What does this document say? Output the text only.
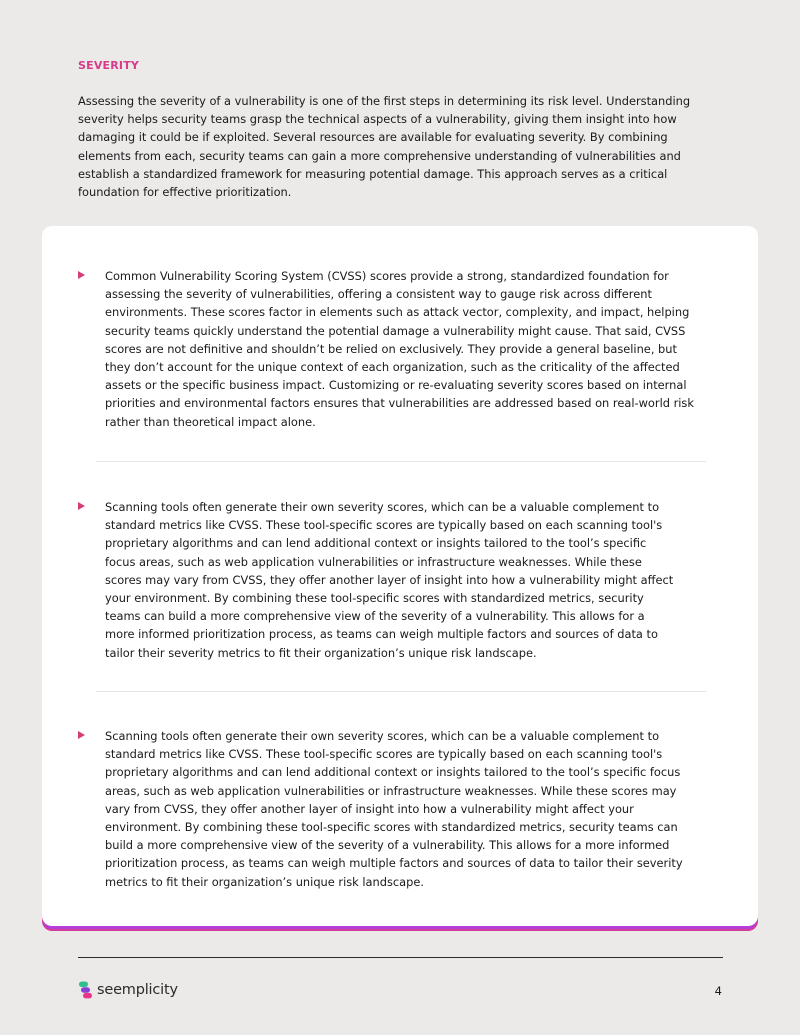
SEVERITY
Assessing the severity of a vulnerability is one of the first steps in determining its risk level. Understanding severity helps security teams grasp the technical aspects of a vulnerability, giving them insight into how damaging it could be if exploited. Several resources are available for evaluating severity. By combining elements from each, security teams can gain a more comprehensive understanding of vulnerabilities and establish a standardized framework for measuring potential damage. This approach serves as a critical foundation for effective prioritization.
Common Vulnerability Scoring System (CVSS) scores provide a strong, standardized foundation for assessing the severity of vulnerabilities, offering a consistent way to gauge risk across different environments. These scores factor in elements such as attack vector, complexity, and impact, helping security teams quickly understand the potential damage a vulnerability might cause. That said, CVSS scores are not definitive and shouldn’t be relied on exclusively. They provide a general baseline, but they don’t account for the unique context of each organization, such as the criticality of the affected assets or the specific business impact. Customizing or re-evaluating severity scores based on internal priorities and environmental factors ensures that vulnerabilities are addressed based on real-world risk rather than theoretical impact alone.
Scanning tools often generate their own severity scores, which can be a valuable complement to standard metrics like CVSS. These tool-specific scores are typically based on each scanning tool's proprietary algorithms and can lend additional context or insights tailored to the tool’s specific focus areas, such as web application vulnerabilities or infrastructure weaknesses. While these scores may vary from CVSS, they offer another layer of insight into how a vulnerability might affect your environment. By combining these tool-specific scores with standardized metrics, security teams can build a more comprehensive view of the severity of a vulnerability. This allows for a more informed prioritization process, as teams can weigh multiple factors and sources of data to tailor their severity metrics to fit their organization’s unique risk landscape.
Scanning tools often generate their own severity scores, which can be a valuable complement to standard metrics like CVSS. These tool-specific scores are typically based on each scanning tool's proprietary algorithms and can lend additional context or insights tailored to the tool’s specific focus areas, such as web application vulnerabilities or infrastructure weaknesses. While these scores may vary from CVSS, they offer another layer of insight into how a vulnerability might affect your environment. By combining these tool-specific scores with standardized metrics, security teams can build a more comprehensive view of the severity of a vulnerability. This allows for a more informed prioritization process, as teams can weigh multiple factors and sources of data to tailor their severity metrics to fit their organization’s unique risk landscape.
seemplicity	4
